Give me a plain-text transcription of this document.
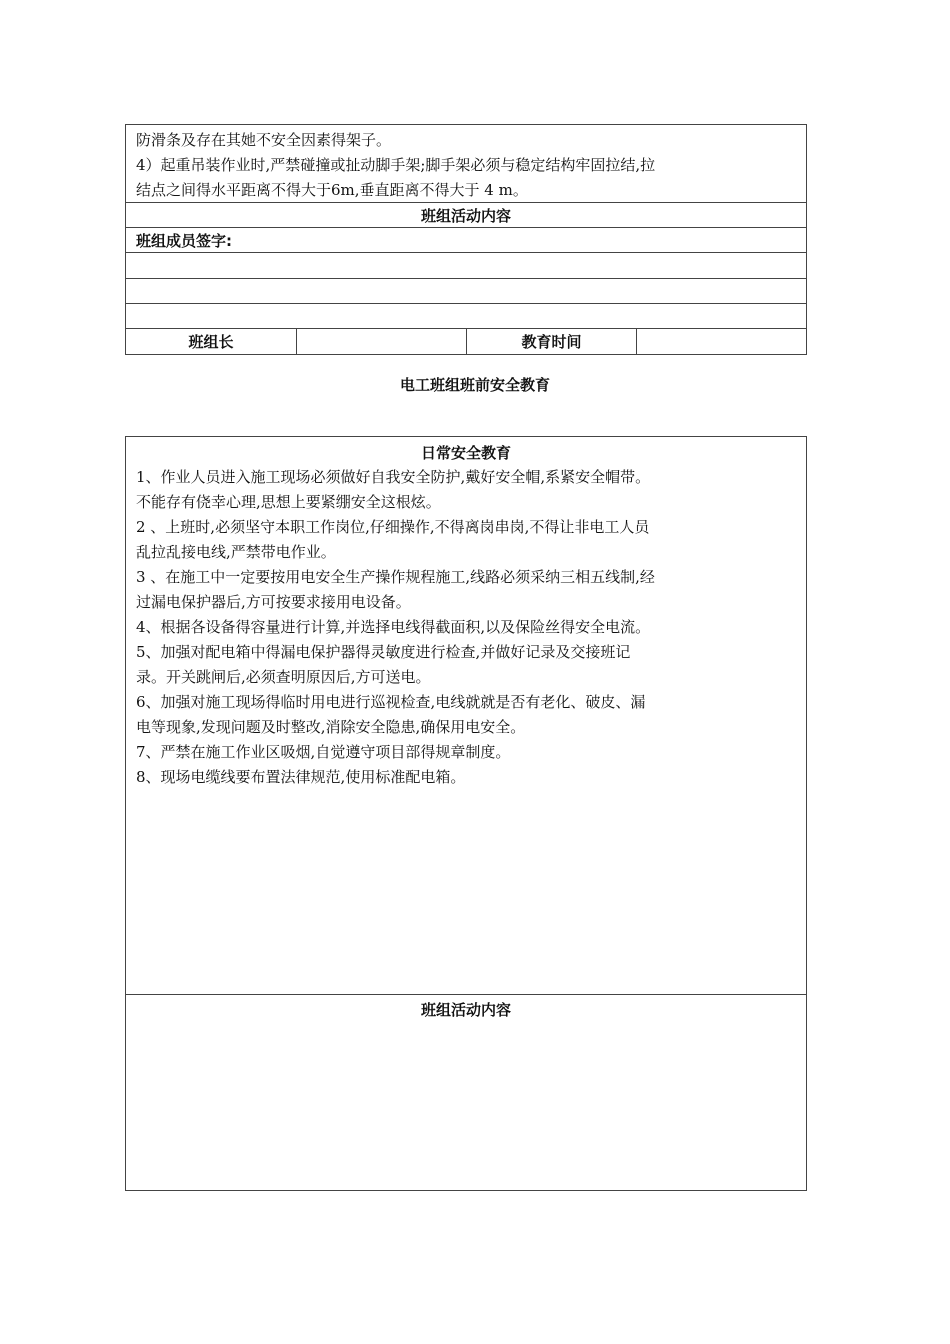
防滑条及存在其她不安全因素得架子。
4）起重吊装作业时,严禁碰撞或扯动脚手架;脚手架必须与稳定结构牢固拉结,拉
结点之间得水平距离不得大于6m,垂直距离不得大于 4 m。
班组活动内容
班组成员签字:
班组长	教育时间
电工班组班前安全教育
日常安全教育
1、作业人员进入施工现场必须做好自我安全防护,戴好安全帽,系紧安全帽带。
不能存有侥幸心理,思想上要紧绷安全这根炫。
2 、上班时,必须坚守本职工作岗位,仔细操作,不得离岗串岗,不得让非电工人员
乱拉乱接电线,严禁带电作业。
3 、在施工中一定要按用电安全生产操作规程施工,线路必须采纳三相五线制,经
过漏电保护器后,方可按要求接用电设备。
4、根据各设备得容量进行计算,并选择电线得截面积,以及保险丝得安全电流。
5、加强对配电箱中得漏电保护器得灵敏度进行检查,并做好记录及交接班记
录。开关跳闸后,必须查明原因后,方可送电。
6、加强对施工现场得临时用电进行巡视检查,电线就就是否有老化、破皮、漏
电等现象,发现问题及时整改,消除安全隐患,确保用电安全。
7、严禁在施工作业区吸烟,自觉遵守项目部得规章制度。
8、现场电缆线要布置法律规范,使用标准配电箱。
班组活动内容
